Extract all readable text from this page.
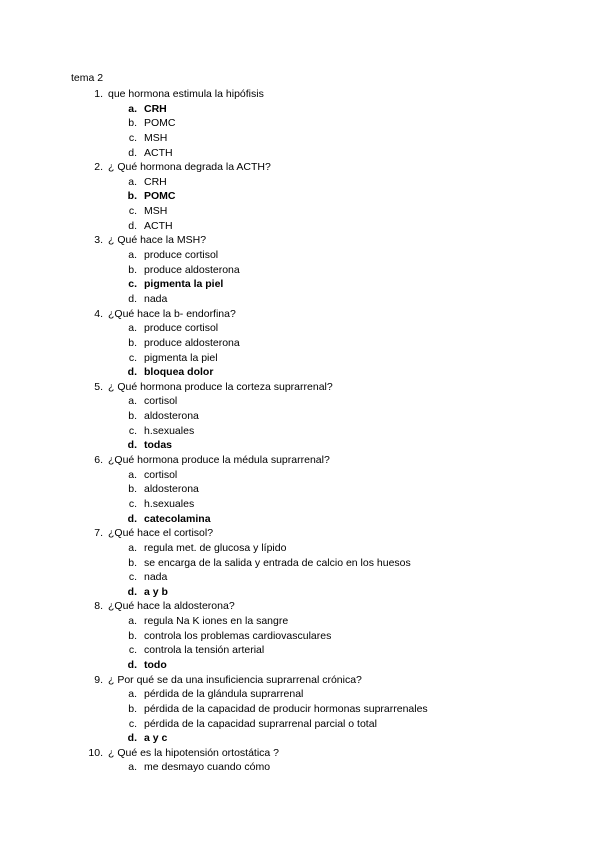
tema 2
1. que hormona estimula la hipófisis
a. CRH
b. POMC
c. MSH
d. ACTH
2. ¿ Qué hormona degrada la ACTH?
a. CRH
b. POMC
c. MSH
d. ACTH
3. ¿ Qué hace la MSH?
a. produce cortisol
b. produce aldosterona
c. pigmenta la piel
d. nada
4. ¿Qué hace la b- endorfina?
a. produce cortisol
b. produce aldosterona
c. pigmenta la piel
d. bloquea dolor
5. ¿ Qué hormona produce la corteza suprarrenal?
a. cortisol
b. aldosterona
c. h.sexuales
d. todas
6. ¿Qué hormona produce la médula suprarrenal?
a. cortisol
b. aldosterona
c. h.sexuales
d. catecolamina
7. ¿Qué hace el cortisol?
a. regula met. de glucosa y lípido
b. se encarga de la salida y entrada de calcio en los huesos
c. nada
d. a y b
8. ¿Qué hace la aldosterona?
a. regula Na K iones en la sangre
b. controla los problemas cardiovasculares
c. controla la tensión arterial
d. todo
9. ¿ Por qué se da una insuficiencia suprarrenal crónica?
a. pérdida de la glándula suprarrenal
b. pérdida de la capacidad de producir hormonas suprarrenales
c. pérdida de la capacidad suprarrenal parcial o total
d. a y c
10. ¿ Qué es la hipotensión ortostática ?
a. me desmayo cuando cómo
